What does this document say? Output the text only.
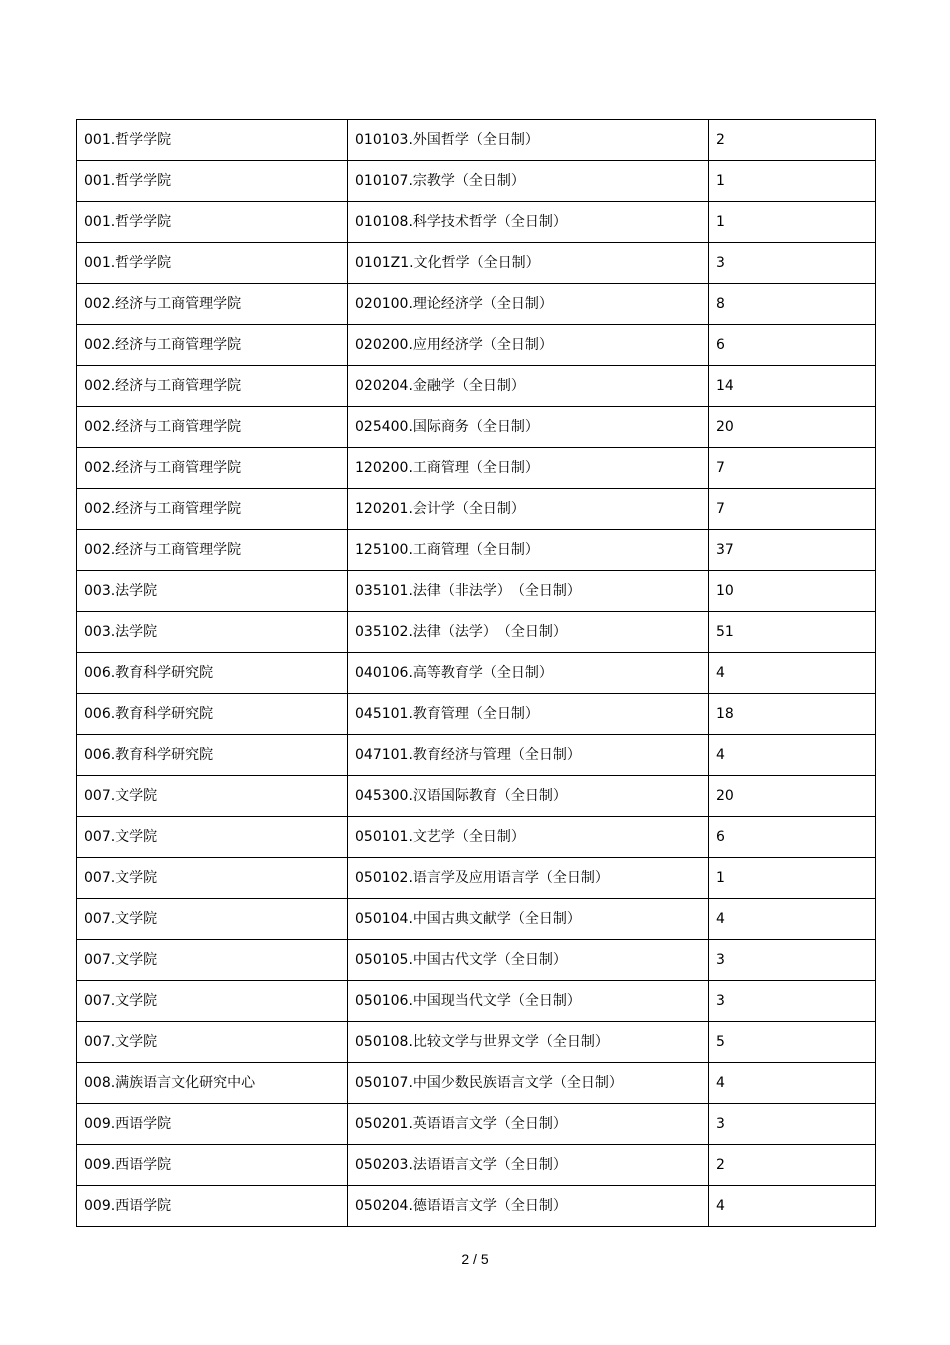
001.哲学学院	010103.外国哲学（全日制）	2
001.哲学学院	010107.宗教学（全日制）	1
001.哲学学院	010108.科学技术哲学（全日制）	1
001.哲学学院	0101Z1.文化哲学（全日制）	3
002.经济与工商管理学院	020100.理论经济学（全日制）	8
002.经济与工商管理学院	020200.应用经济学（全日制）	6
002.经济与工商管理学院	020204.金融学（全日制）	14
002.经济与工商管理学院	025400.国际商务（全日制）	20
002.经济与工商管理学院	120200.工商管理（全日制）	7
002.经济与工商管理学院	120201.会计学（全日制）	7
002.经济与工商管理学院	125100.工商管理（全日制）	37
003.法学院	035101.法律（非法学）　（全日制）	10
003.法学院	035102.法律（法学）　（全日制）	51
006.教育科学研究院	040106.高等教育学（全日制）	4
006.教育科学研究院	045101.教育管理（全日制）	18
006.教育科学研究院	047101.教育经济与管理（全日制）	4
007.文学院	045300.汉语国际教育（全日制）	20
007.文学院	050101.文艺学（全日制）	6
007.文学院	050102.语言学及应用语言学（全日制）	1
007.文学院	050104.中国古典文献学（全日制）	4
007.文学院	050105.中国古代文学（全日制）	3
007.文学院	050106.中国现当代文学（全日制）	3
007.文学院	050108.比较文学与世界文学（全日制）	5
008.满族语言文化研究中心	050107.中国少数民族语言文学（全日制）	4
009.西语学院	050201.英语语言文学（全日制）	3
009.西语学院	050203.法语语言文学（全日制）	2
009.西语学院	050204.德语语言文学（全日制）	4
2 / 5
